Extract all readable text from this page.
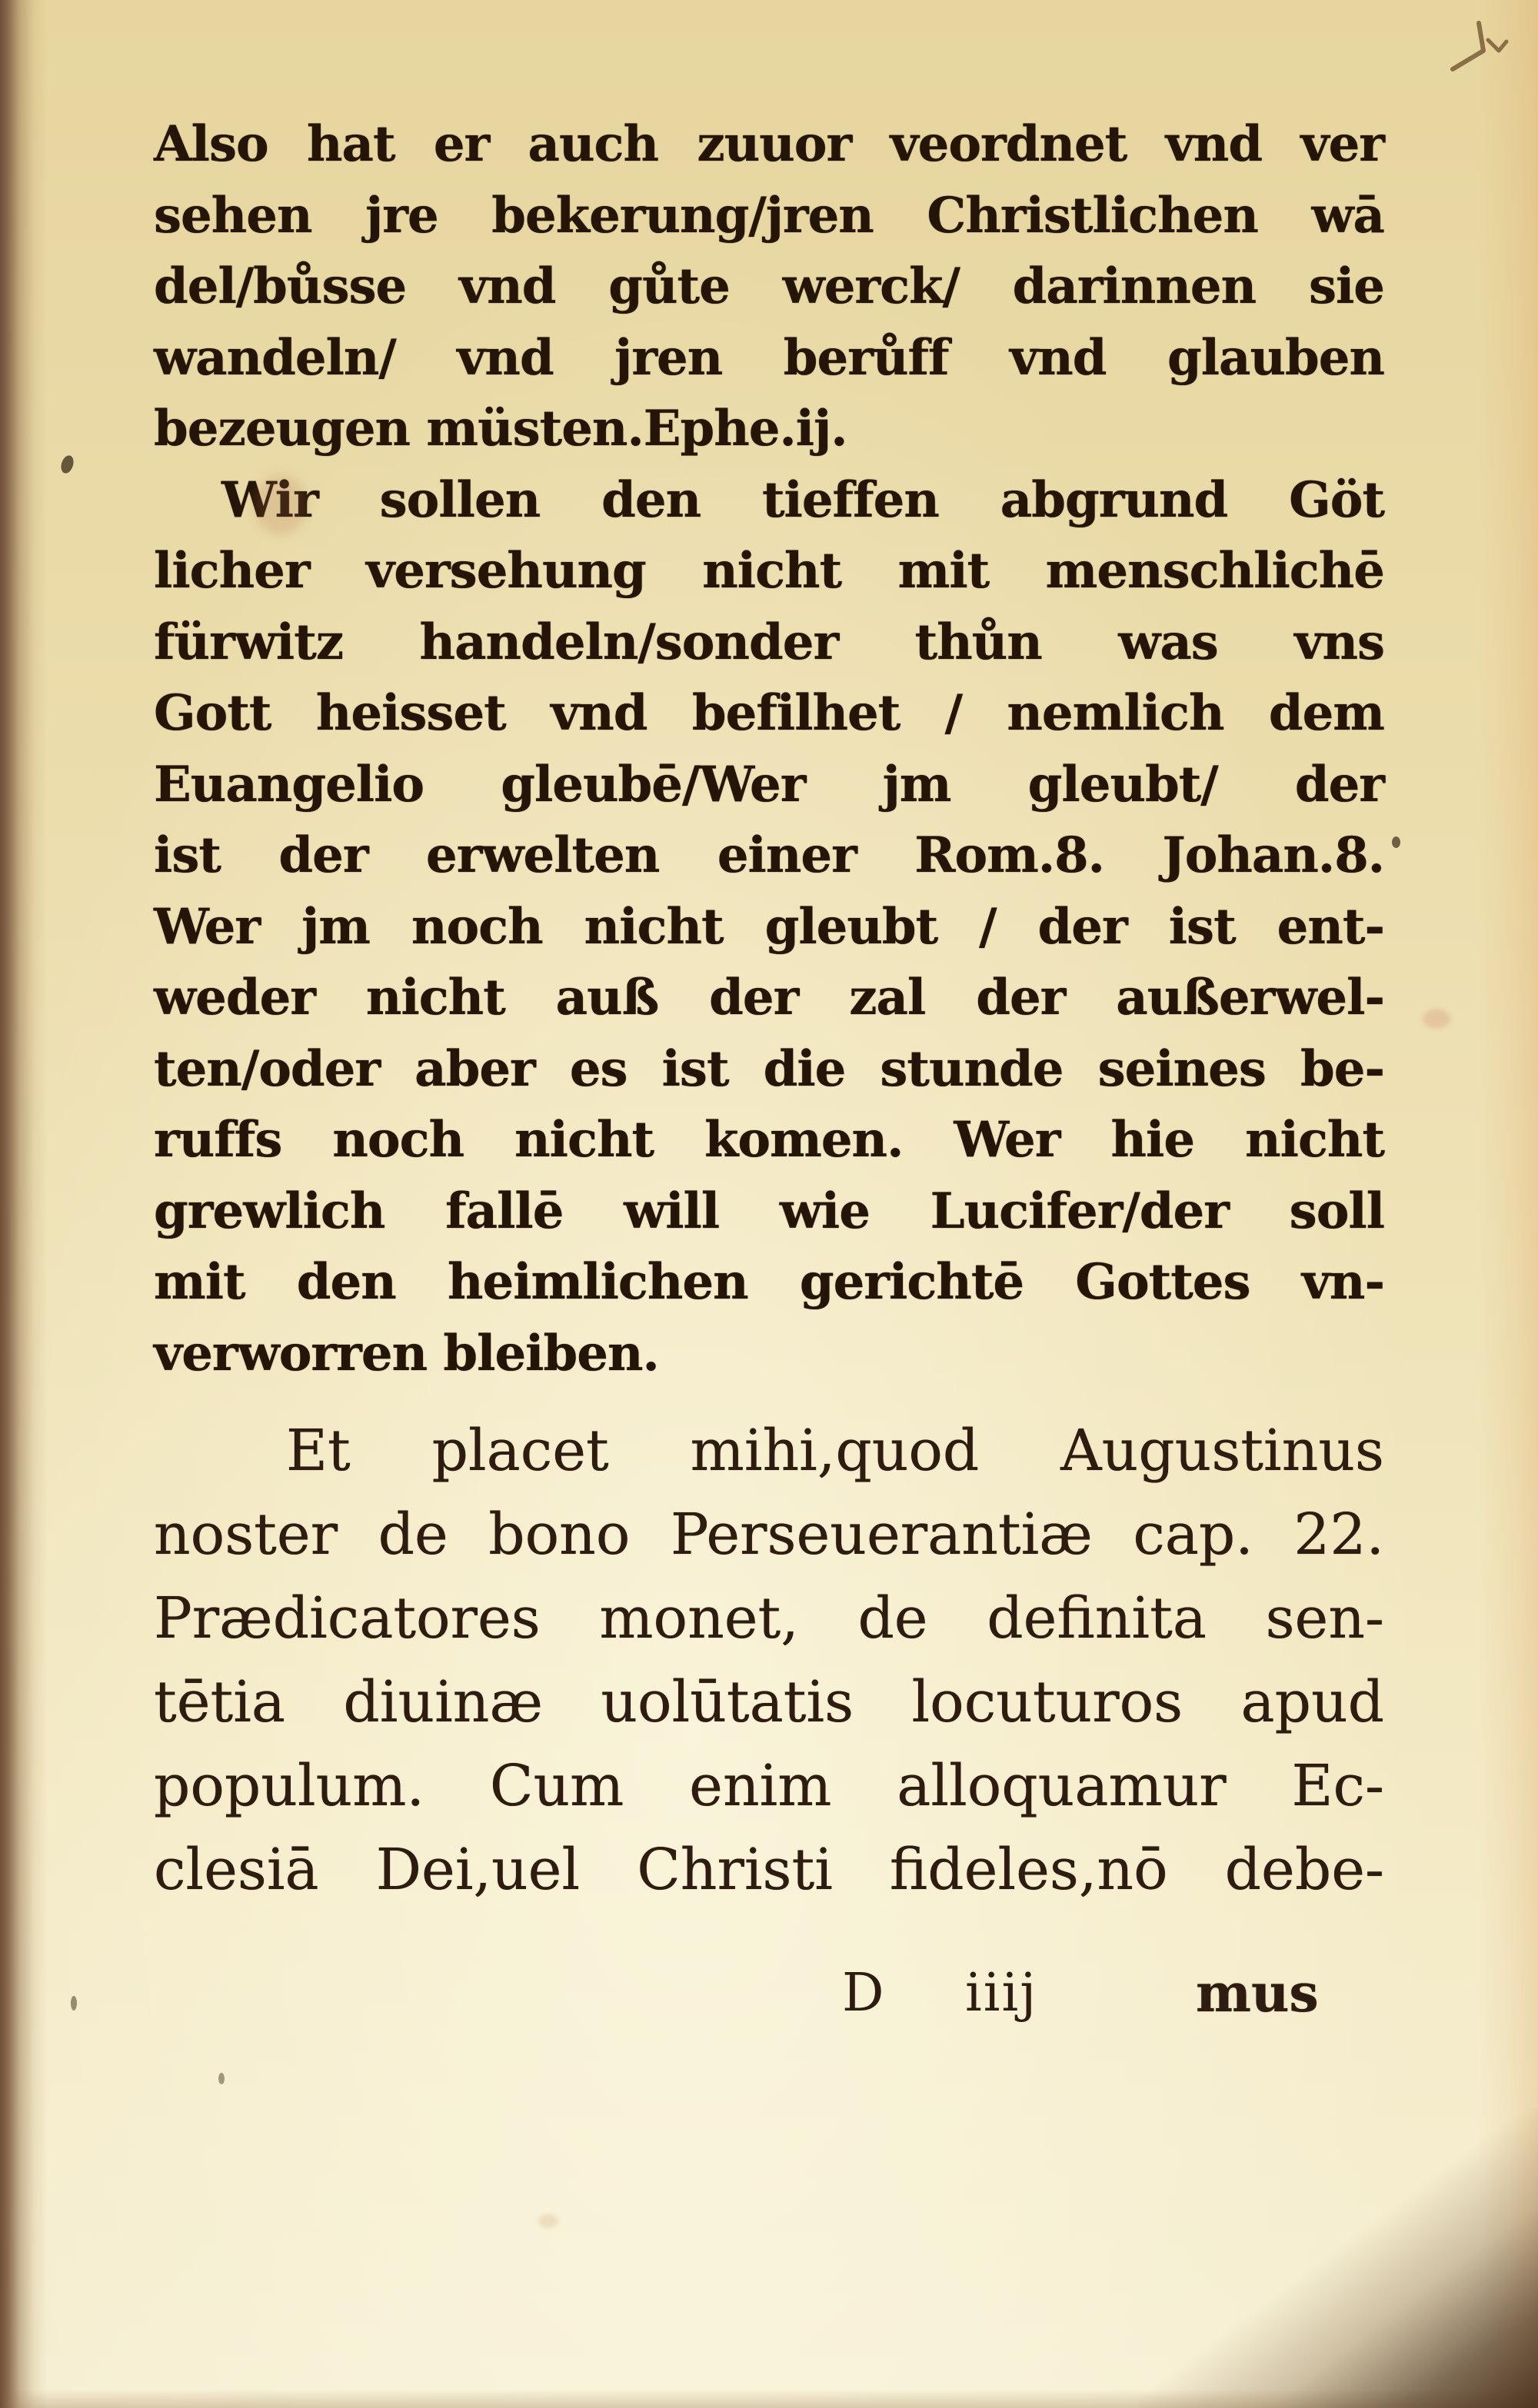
Also hat er auch zuuor veordnet vnd ver
sehen jre bekerung/jren Christlichen wā
del/bůsse vnd gůte werck/ darinnen sie
wandeln/ vnd jren berůff vnd glauben
bezeugen müsten.Ephe.ij.
Wir sollen den tieffen abgrund Göt
licher versehung nicht mit menschlichē
fürwitz handeln/sonder thůn was vns
Gott heisset vnd befilhet / nemlich dem
Euangelio gleubē/Wer jm gleubt/ der
ist der erwelten einer Rom.8. Johan.8.
Wer jm noch nicht gleubt / der ist ent-
weder nicht auß der zal der außerwel-
ten/oder aber es ist die stunde seines be-
ruffs noch nicht komen. Wer hie nicht
grewlich fallē will wie Lucifer/der soll
mit den heimlichen gerichtē Gottes vn-
verworren bleiben.
Et placet mihi,quod Augustinus
noster de bono Perseuerantiæ cap. 22.
Prædicatores monet, de definita sen-
tētia diuinæ uolūtatis locuturos apud
populum. Cum enim alloquamur Ec-
clesiā Dei,uel Christi fideles,nō debe-
D iiij	mus
